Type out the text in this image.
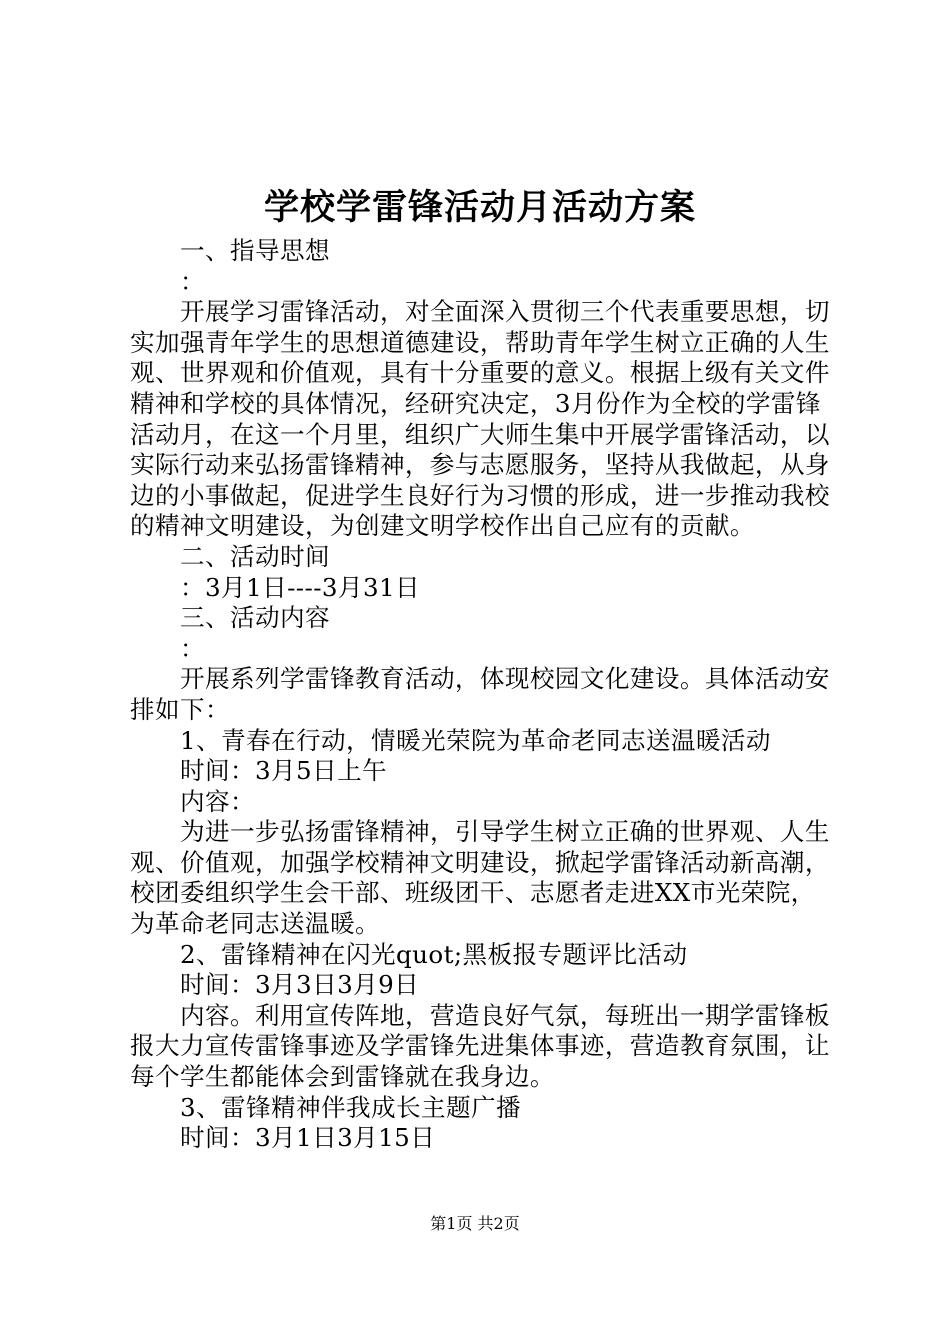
学校学雷锋活动月活动方案

一、指导思想

：

开展学习雷锋活动，对全面深入贯彻三个代表重要思想，切实加强青年学生的思想道德建设，帮助青年学生树立正确的人生观、世界观和价值观，具有十分重要的意义。根据上级有关文件精神和学校的具体情况，经研究决定，3月份作为全校的学雷锋活动月，在这一个月里，组织广大师生集中开展学雷锋活动，以实际行动来弘扬雷锋精神，参与志愿服务，坚持从我做起，从身边的小事做起，促进学生良好行为习惯的形成，进一步推动我校的精神文明建设，为创建文明学校作出自己应有的贡献。

二、活动时间

：3月1日----3月31日

三、活动内容

：

开展系列学雷锋教育活动，体现校园文化建设。具体活动安排如下：

1、青春在行动，情暖光荣院为革命老同志送温暖活动

时间：3月5日上午

内容：

为进一步弘扬雷锋精神，引导学生树立正确的世界观、人生观、价值观，加强学校精神文明建设，掀起学雷锋活动新高潮，校团委组织学生会干部、班级团干、志愿者走进XX市光荣院，为革命老同志送温暖。

2、雷锋精神在闪光quot;黑板报专题评比活动

时间：3月3日3月9日

内容。利用宣传阵地，营造良好气氛，每班出一期学雷锋板报大力宣传雷锋事迹及学雷锋先进集体事迹，营造教育氛围，让每个学生都能体会到雷锋就在我身边。

3、雷锋精神伴我成长主题广播

时间：3月1日3月15日

第1页 共2页
